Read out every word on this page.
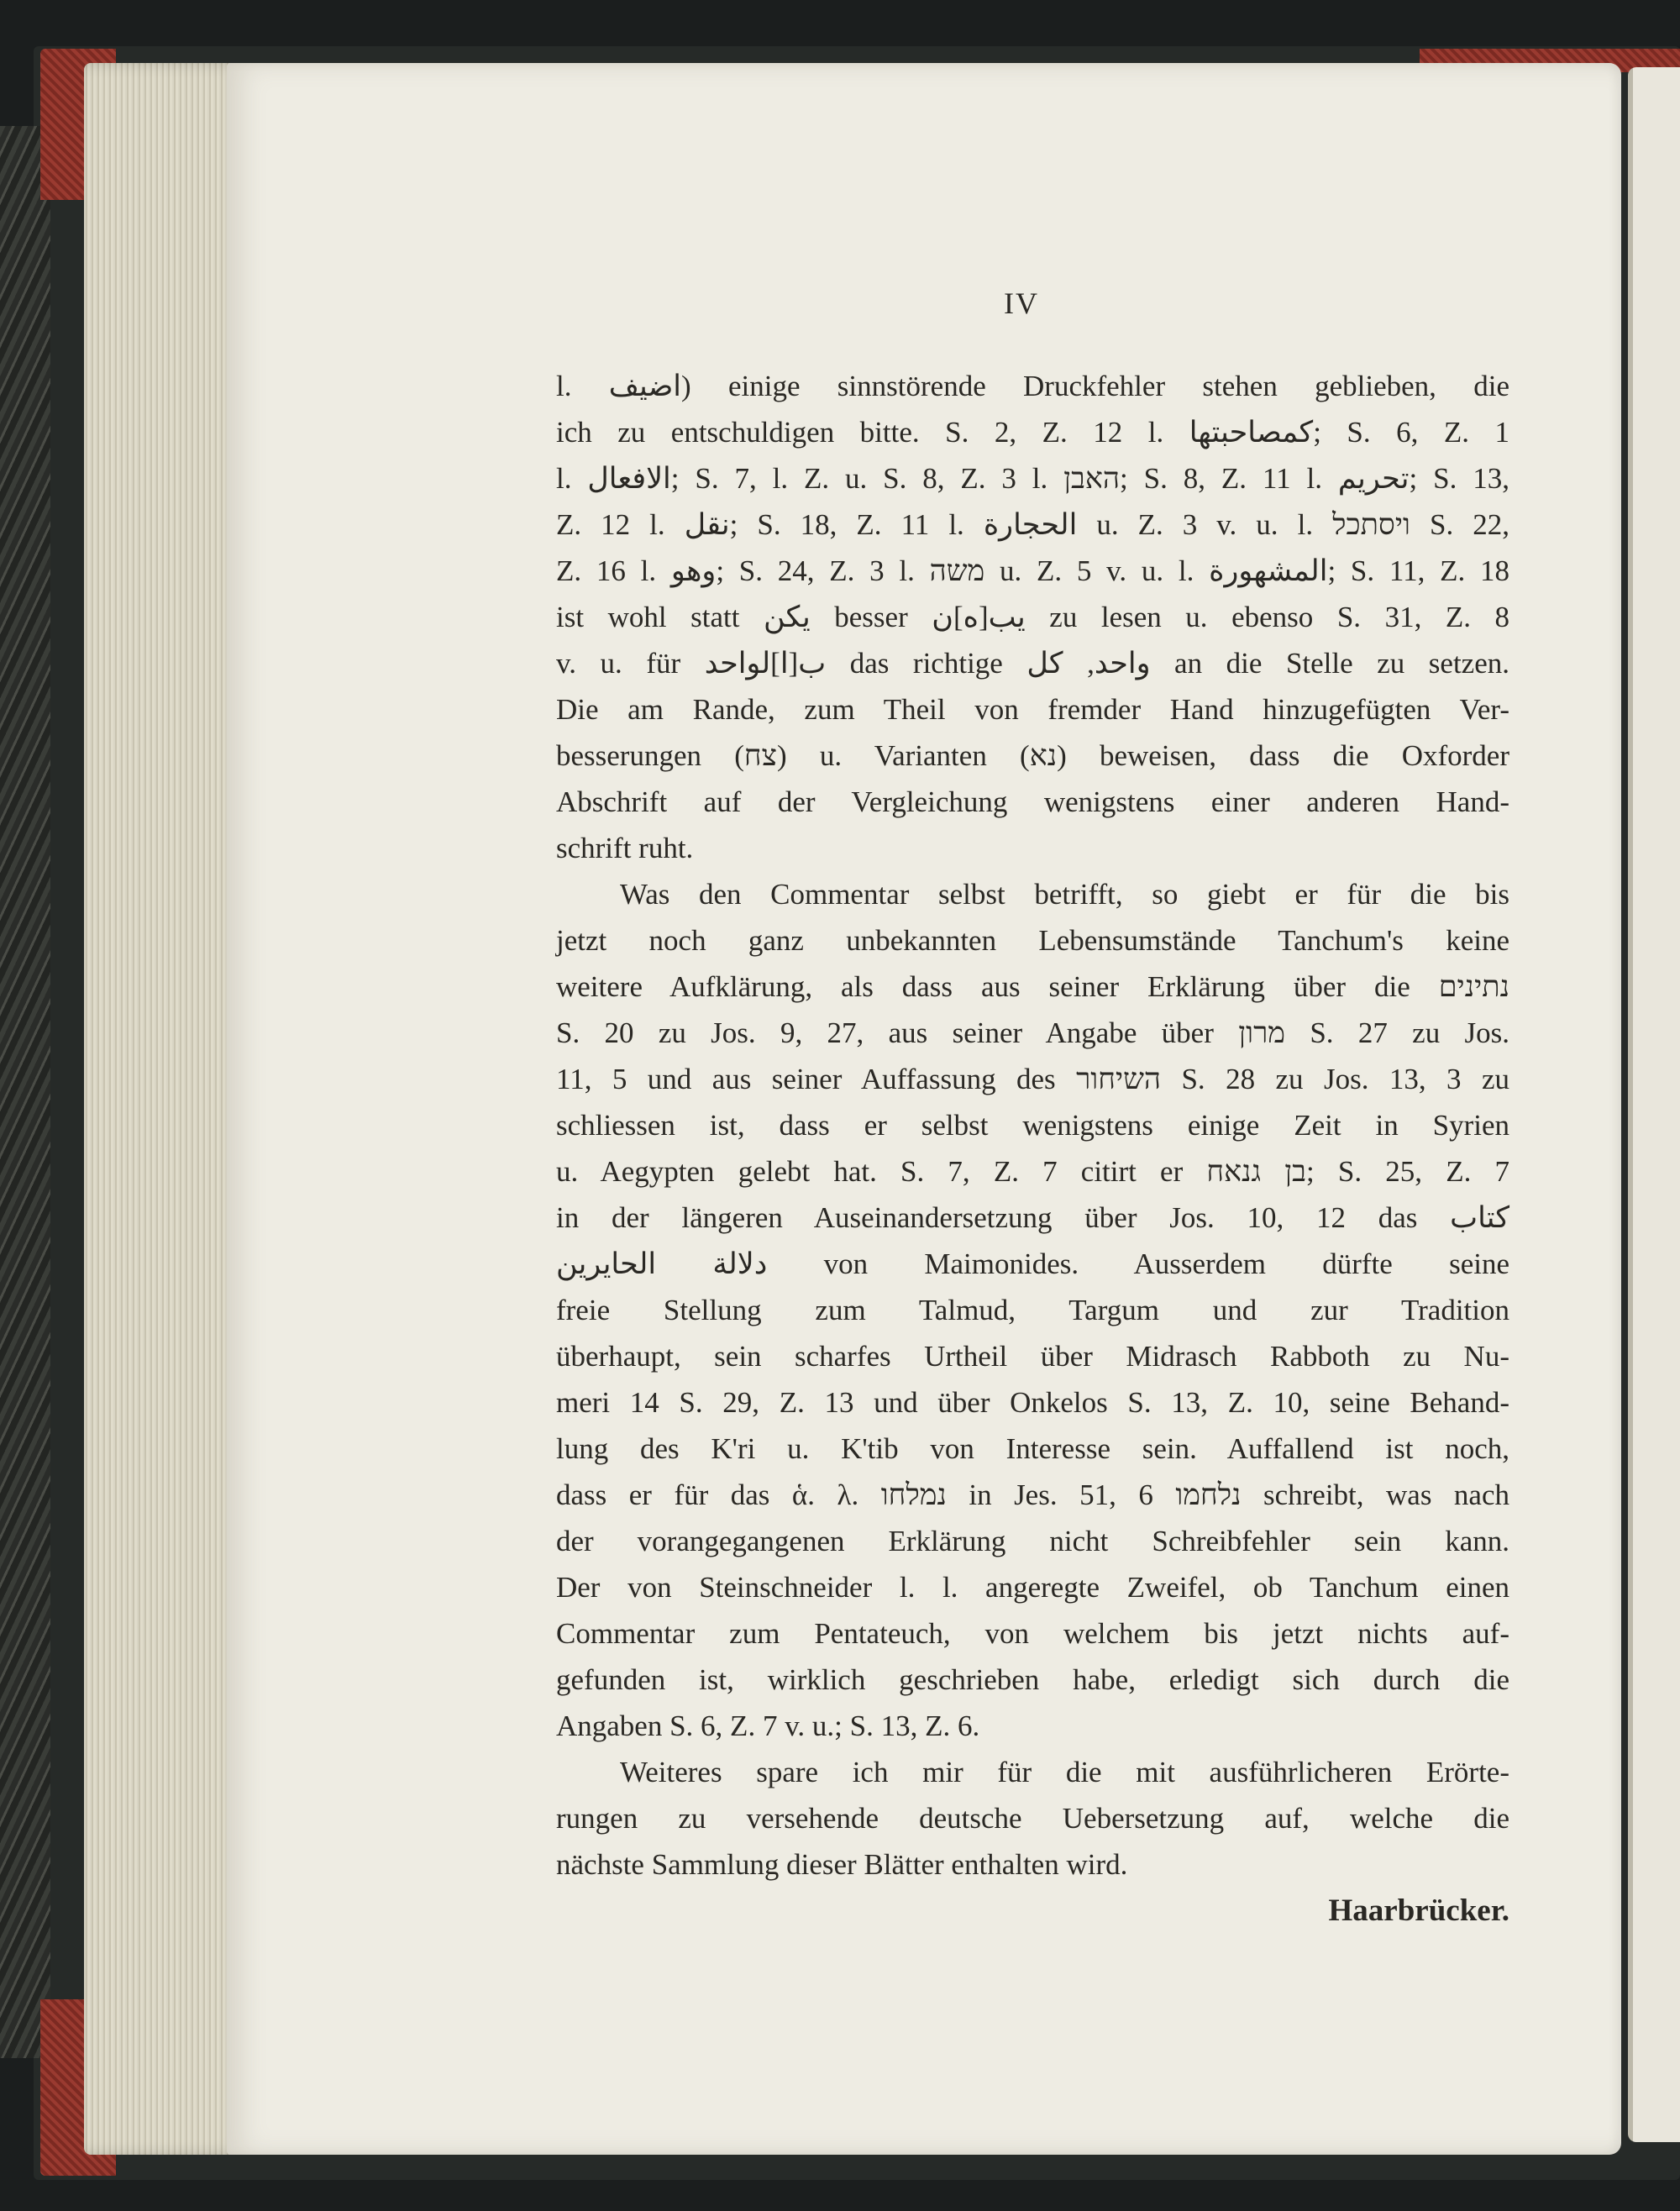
IV
l. اضيف) einige sinnstörende Druckfehler stehen geblieben, die
ich zu entschuldigen bitte. S. 2, Z. 12 l. كمصاحبتها; S. 6, Z. 1
l. الافعال; S. 7, l. Z. u. S. 8, Z. 3 l. האבן; S. 8, Z. 11 l. تحريم; S. 13,
Z. 12 l. نقل; S. 18, Z. 11 l. الحجارة u. Z. 3 v. u. l. ויסתכל S. 22,
Z. 16 l. وهو; S. 24, Z. 3 l. משה u. Z. 5 v. u. l. المشهورة; S. 11, Z. 18
ist wohl statt يكن besser يب[ه]ن zu lesen u. ebenso S. 31, Z. 8
v. u. für ب[ا]لواحد das richtige واحد, كل an die Stelle zu setzen.
Die am Rande, zum Theil von fremder Hand hinzugefügten Ver-
besserungen (צח) u. Varianten (נא) beweisen, dass die Oxforder
Abschrift auf der Vergleichung wenigstens einer anderen Hand-
schrift ruht.
Was den Commentar selbst betrifft, so giebt er für die bis
jetzt noch ganz unbekannten Lebensumstände Tanchum's keine
weitere Aufklärung, als dass aus seiner Erklärung über die נתינים
S. 20 zu Jos. 9, 27, aus seiner Angabe über מרון S. 27 zu Jos.
11, 5 und aus seiner Auffassung des השיחור S. 28 zu Jos. 13, 3 zu
schliessen ist, dass er selbst wenigstens einige Zeit in Syrien
u. Aegypten gelebt hat. S. 7, Z. 7 citirt er בן גנאח; S. 25, Z. 7
in der längeren Auseinandersetzung über Jos. 10, 12 das كتاب
دلالة الحايرين von Maimonides. Ausserdem dürfte seine
freie Stellung zum Talmud, Targum und zur Tradition
überhaupt, sein scharfes Urtheil über Midrasch Rabboth zu Nu-
meri 14 S. 29, Z. 13 und über Onkelos S. 13, Z. 10, seine Behand-
lung des K'ri u. K'tib von Interesse sein. Auffallend ist noch,
dass er für das ἁ. λ. נמלחו in Jes. 51, 6 נלחמו schreibt, was nach
der vorangegangenen Erklärung nicht Schreibfehler sein kann.
Der von Steinschneider l. l. angeregte Zweifel, ob Tanchum einen
Commentar zum Pentateuch, von welchem bis jetzt nichts auf-
gefunden ist, wirklich geschrieben habe, erledigt sich durch die
Angaben S. 6, Z. 7 v. u.; S. 13, Z. 6.
Weiteres spare ich mir für die mit ausführlicheren Erörte-
rungen zu versehende deutsche Uebersetzung auf, welche die
nächste Sammlung dieser Blätter enthalten wird.
Haarbrücker.
